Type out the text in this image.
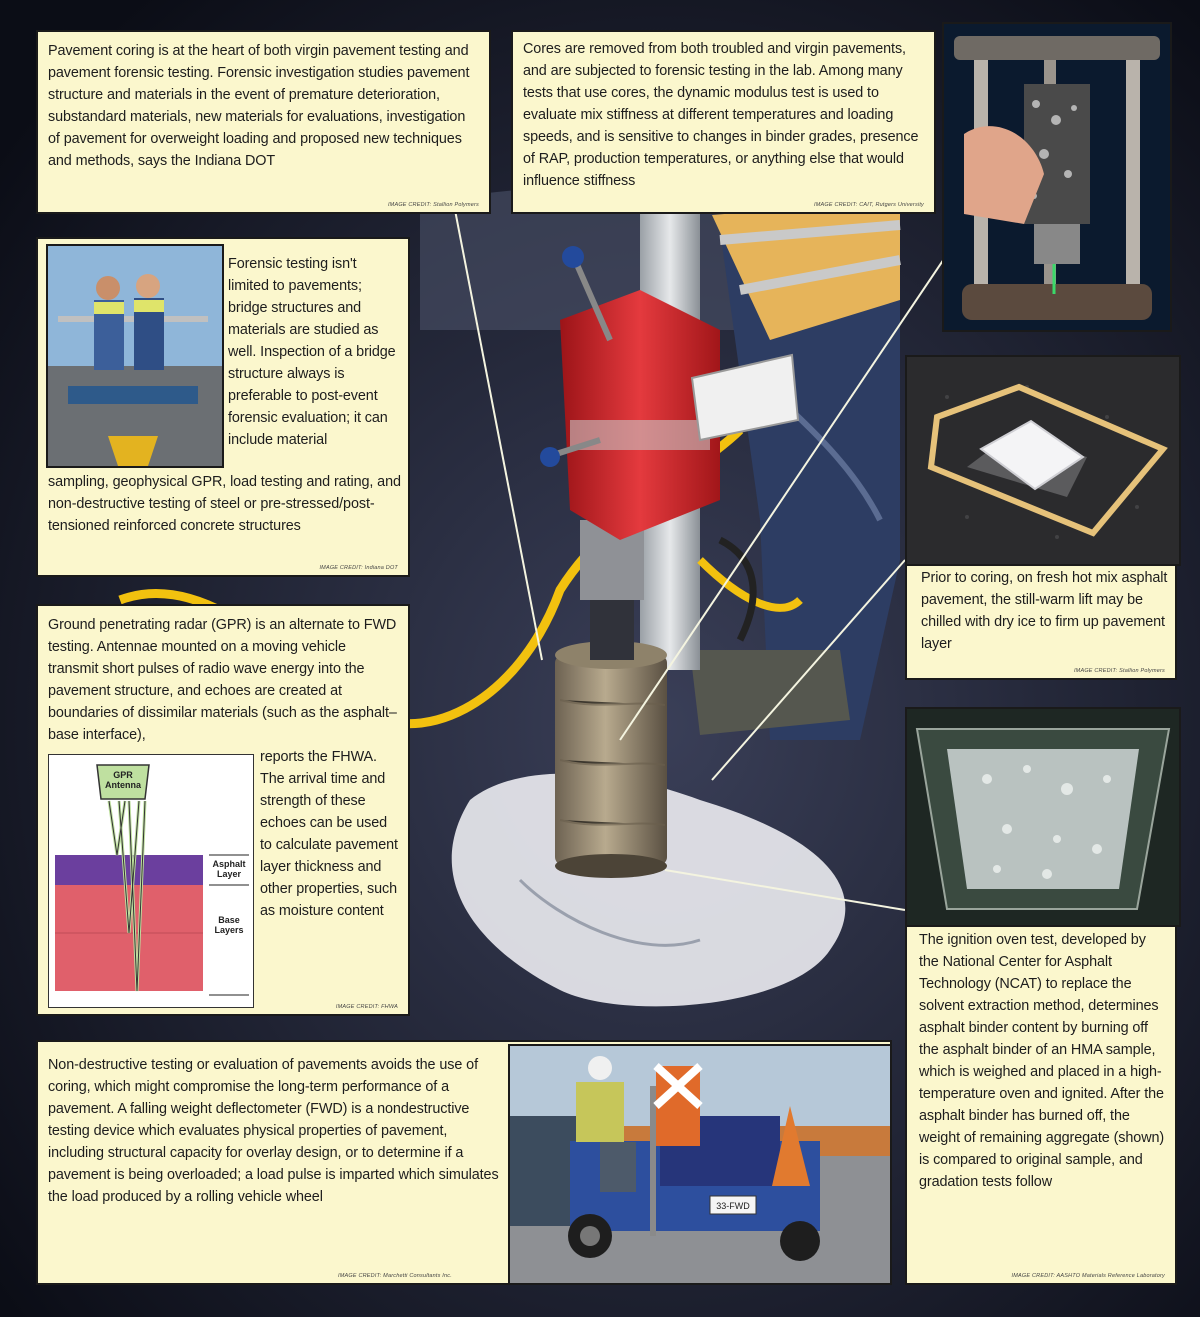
Pavement coring is at the heart of both virgin pavement testing and pavement forensic testing. Forensic investigation studies pavement structure and materials in the event of premature deterioration, substandard materials, new materials for evaluations, investigation of pavement for overweight loading and proposed new techniques and methods, says the Indiana DOT

IMAGE CREDIT: Stallion Polymers

Cores are removed from both troubled and virgin pavements, and are subjected to forensic testing in the lab. Among many tests that use cores, the dynamic modulus test is used to evaluate mix stiffness at different temperatures and loading speeds, and is sensitive to changes in binder grades, presence of RAP, production temperatures, or anything else that would influence stiffness

IMAGE CREDIT: CAIT, Rutgers University

Forensic testing isn't limited to pavements; bridge structures and materials are studied as well. Inspection of a bridge structure always is preferable to post-event forensic evaluation; it can include material

sampling, geophysical GPR, load testing and rating, and non-destructive testing of steel or pre-stressed/post-tensioned reinforced concrete structures

IMAGE CREDIT: Indiana DOT

Ground penetrating radar (GPR) is an alternate to FWD testing. Antennae mounted on a moving vehicle transmit short pulses of radio wave energy into the pavement structure, and echoes are created at boundaries of dissimilar materials (such as the asphalt–base interface),

reports the FHWA. The arrival time and strength of these echoes can be used to calculate pavement layer thickness and other properties, such as moisture content

GPR
Antenna
Asphalt
Layer
Base
Layers
IMAGE CREDIT: FHWA

Prior to coring, on fresh hot mix asphalt pavement, the still-warm lift may be chilled with dry ice to firm up pavement layer

IMAGE CREDIT: Stallion Polymers

The ignition oven test, developed by the National Center for Asphalt Technology (NCAT) to replace the solvent extraction method, determines asphalt binder content by burning off the asphalt binder of an HMA sample, which is weighed and placed in a high-temperature oven and ignited. After the asphalt binder has burned off, the weight of remaining aggregate (shown) is compared to original sample, and gradation tests follow

IMAGE CREDIT: AASHTO Materials Reference Laboratory

Non-destructive testing or evaluation of pavements avoids the use of coring, which might compromise the long-term performance of a pavement. A falling weight deflectometer (FWD) is a nondestructive testing device which evaluates physical properties of pavement, including structural capacity for overlay design, or to determine if a pavement is being overloaded; a load pulse is imparted which simulates the load produced by a rolling vehicle wheel

IMAGE CREDIT: Marchetti Consultants Inc.
33-FWD
